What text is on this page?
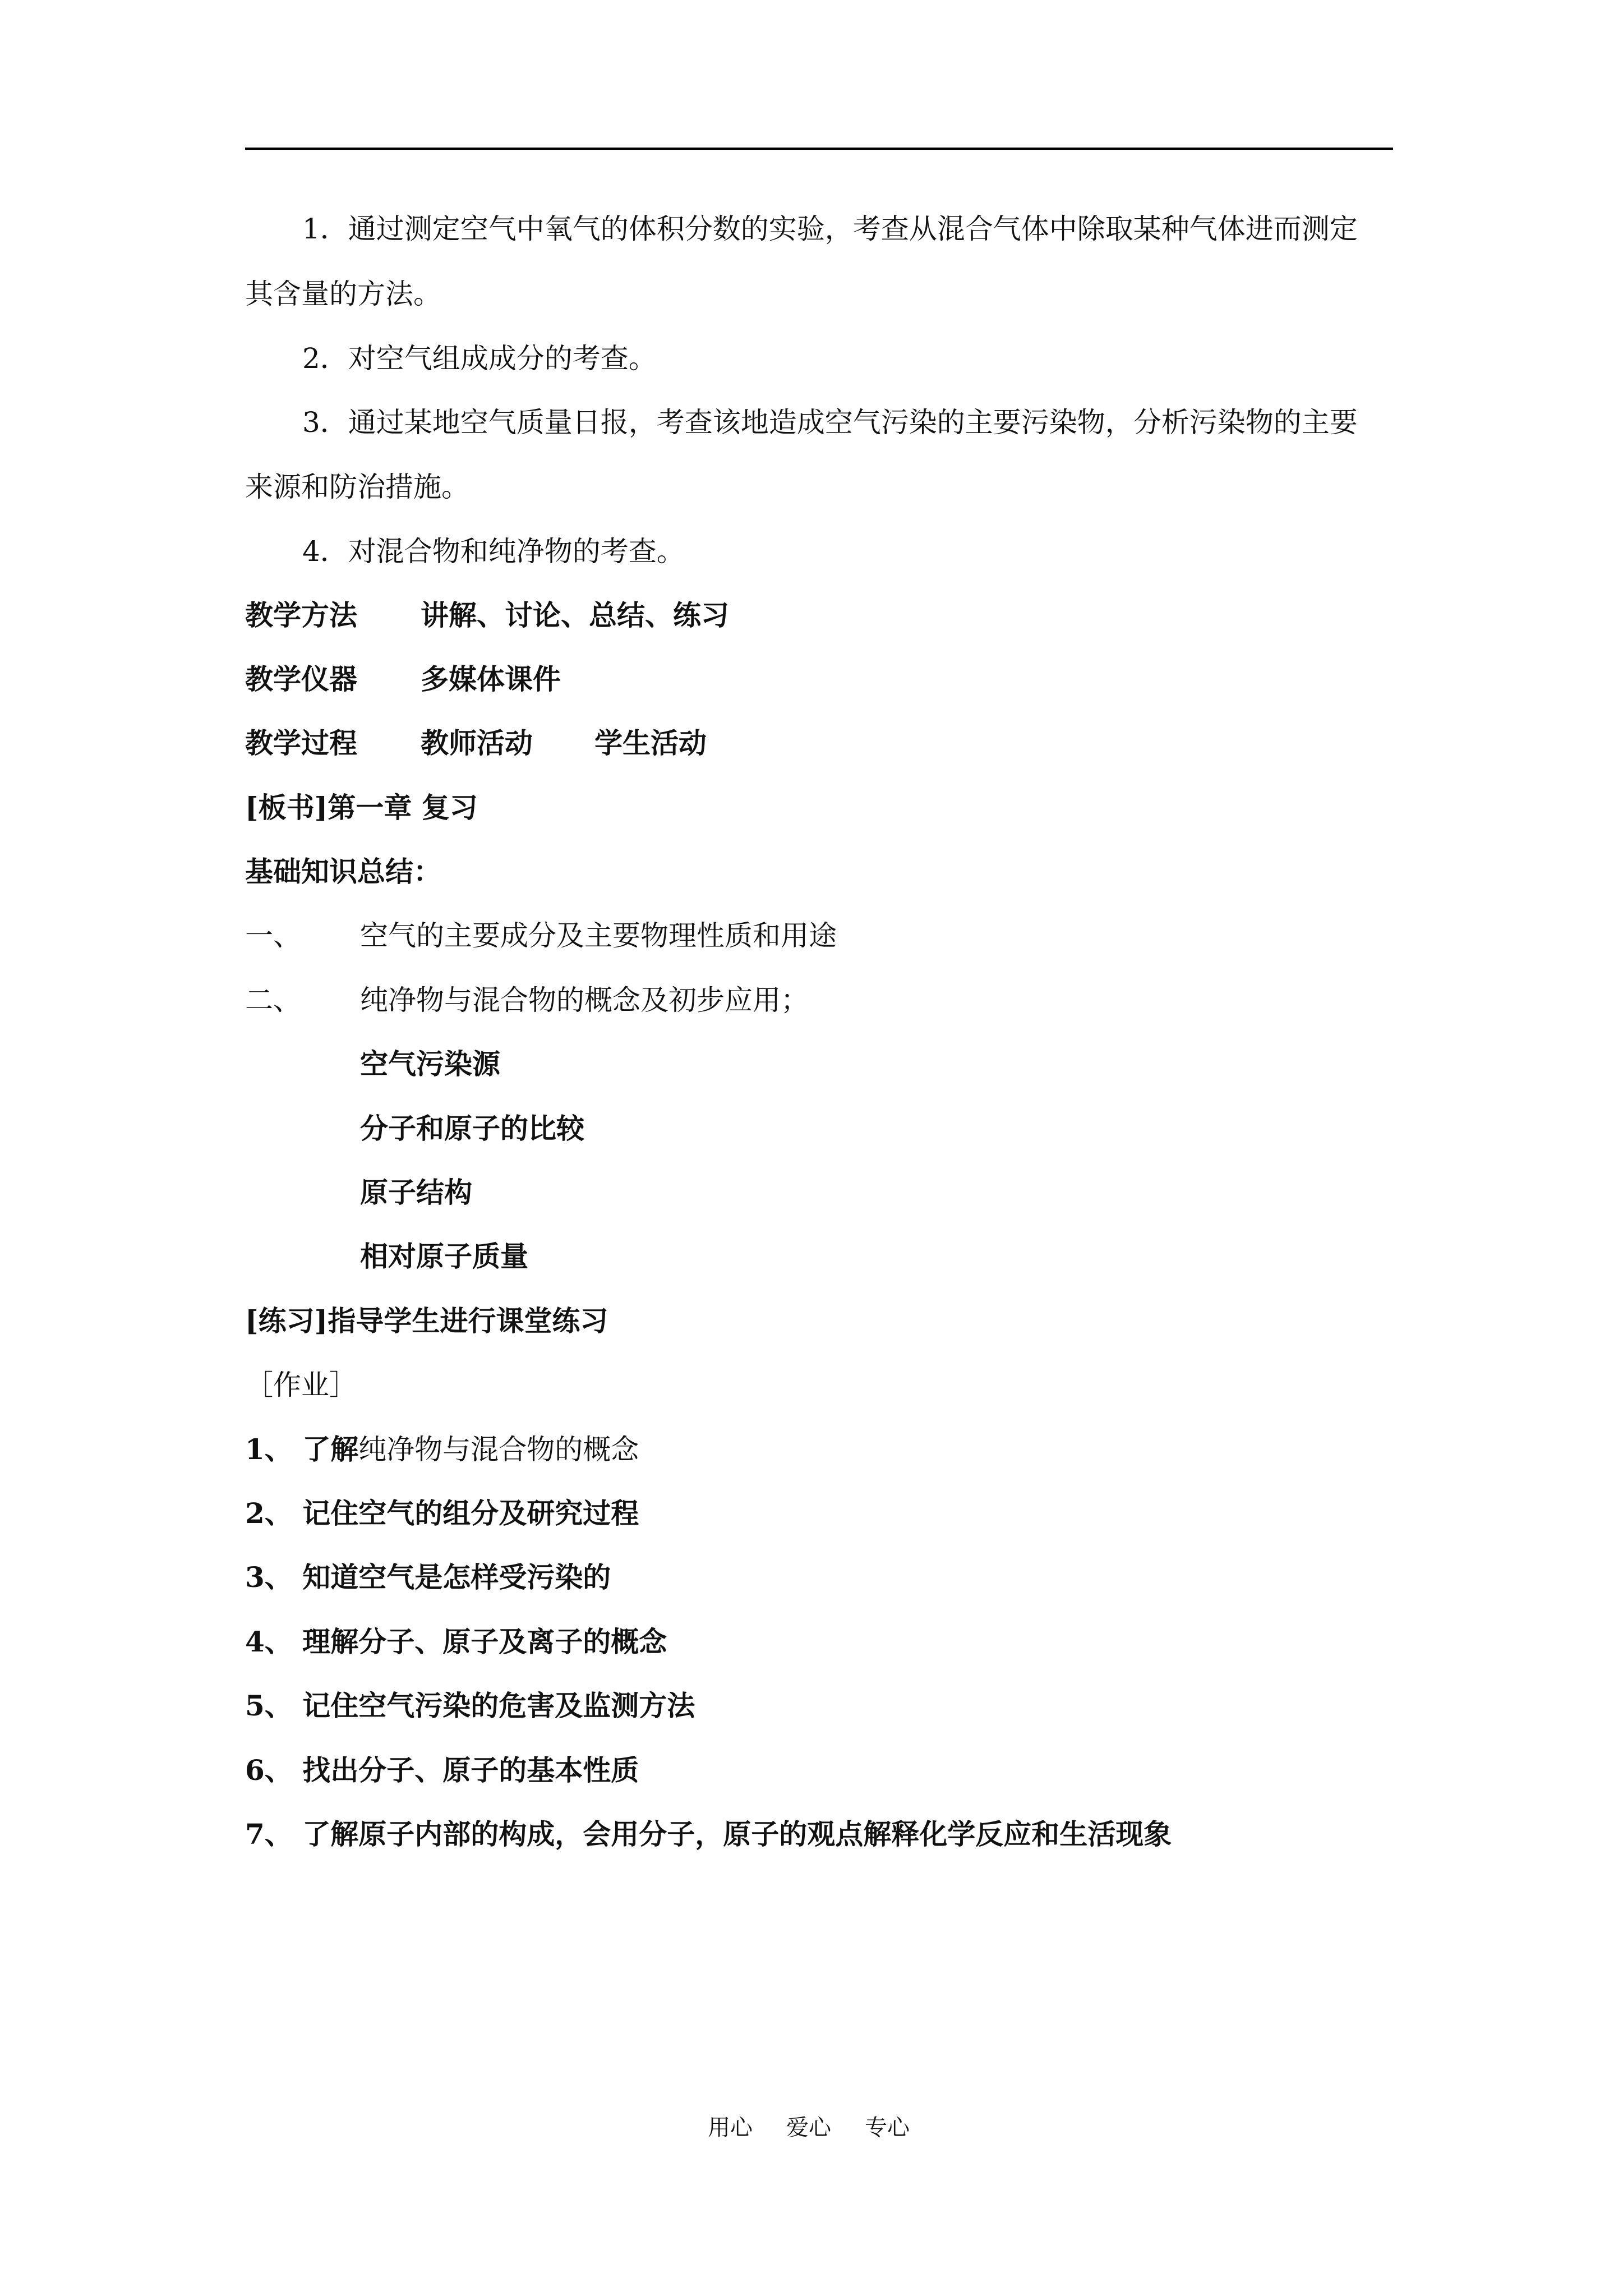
1．通过测定空气中氧气的体积分数的实验，考查从混合气体中除取某种气体进而测定
其含量的方法。
2．对空气组成成分的考查。
3．通过某地空气质量日报，考查该地造成空气污染的主要污染物，分析污染物的主要
来源和防治措施。
4．对混合物和纯净物的考查。
教学方法 讲解、讨论、总结、练习
教学仪器 多媒体课件
教学过程 教师活动 学生活动
[板书]第一章 复习
基础知识总结：
一、 空气的主要成分及主要物理性质和用途
二、 纯净物与混合物的概念及初步应用；
空气污染源
分子和原子的比较
原子结构
相对原子质量
[练习]指导学生进行课堂练习
［作业］
1、 了解纯净物与混合物的概念
2、 记住空气的组分及研究过程
3、 知道空气是怎样受污染的
4、 理解分子、原子及离子的概念
5、 记住空气污染的危害及监测方法
6、 找出分子、原子的基本性质
7、 了解原子内部的构成，会用分子，原子的观点解释化学反应和生活现象
用心 爱心 专心
